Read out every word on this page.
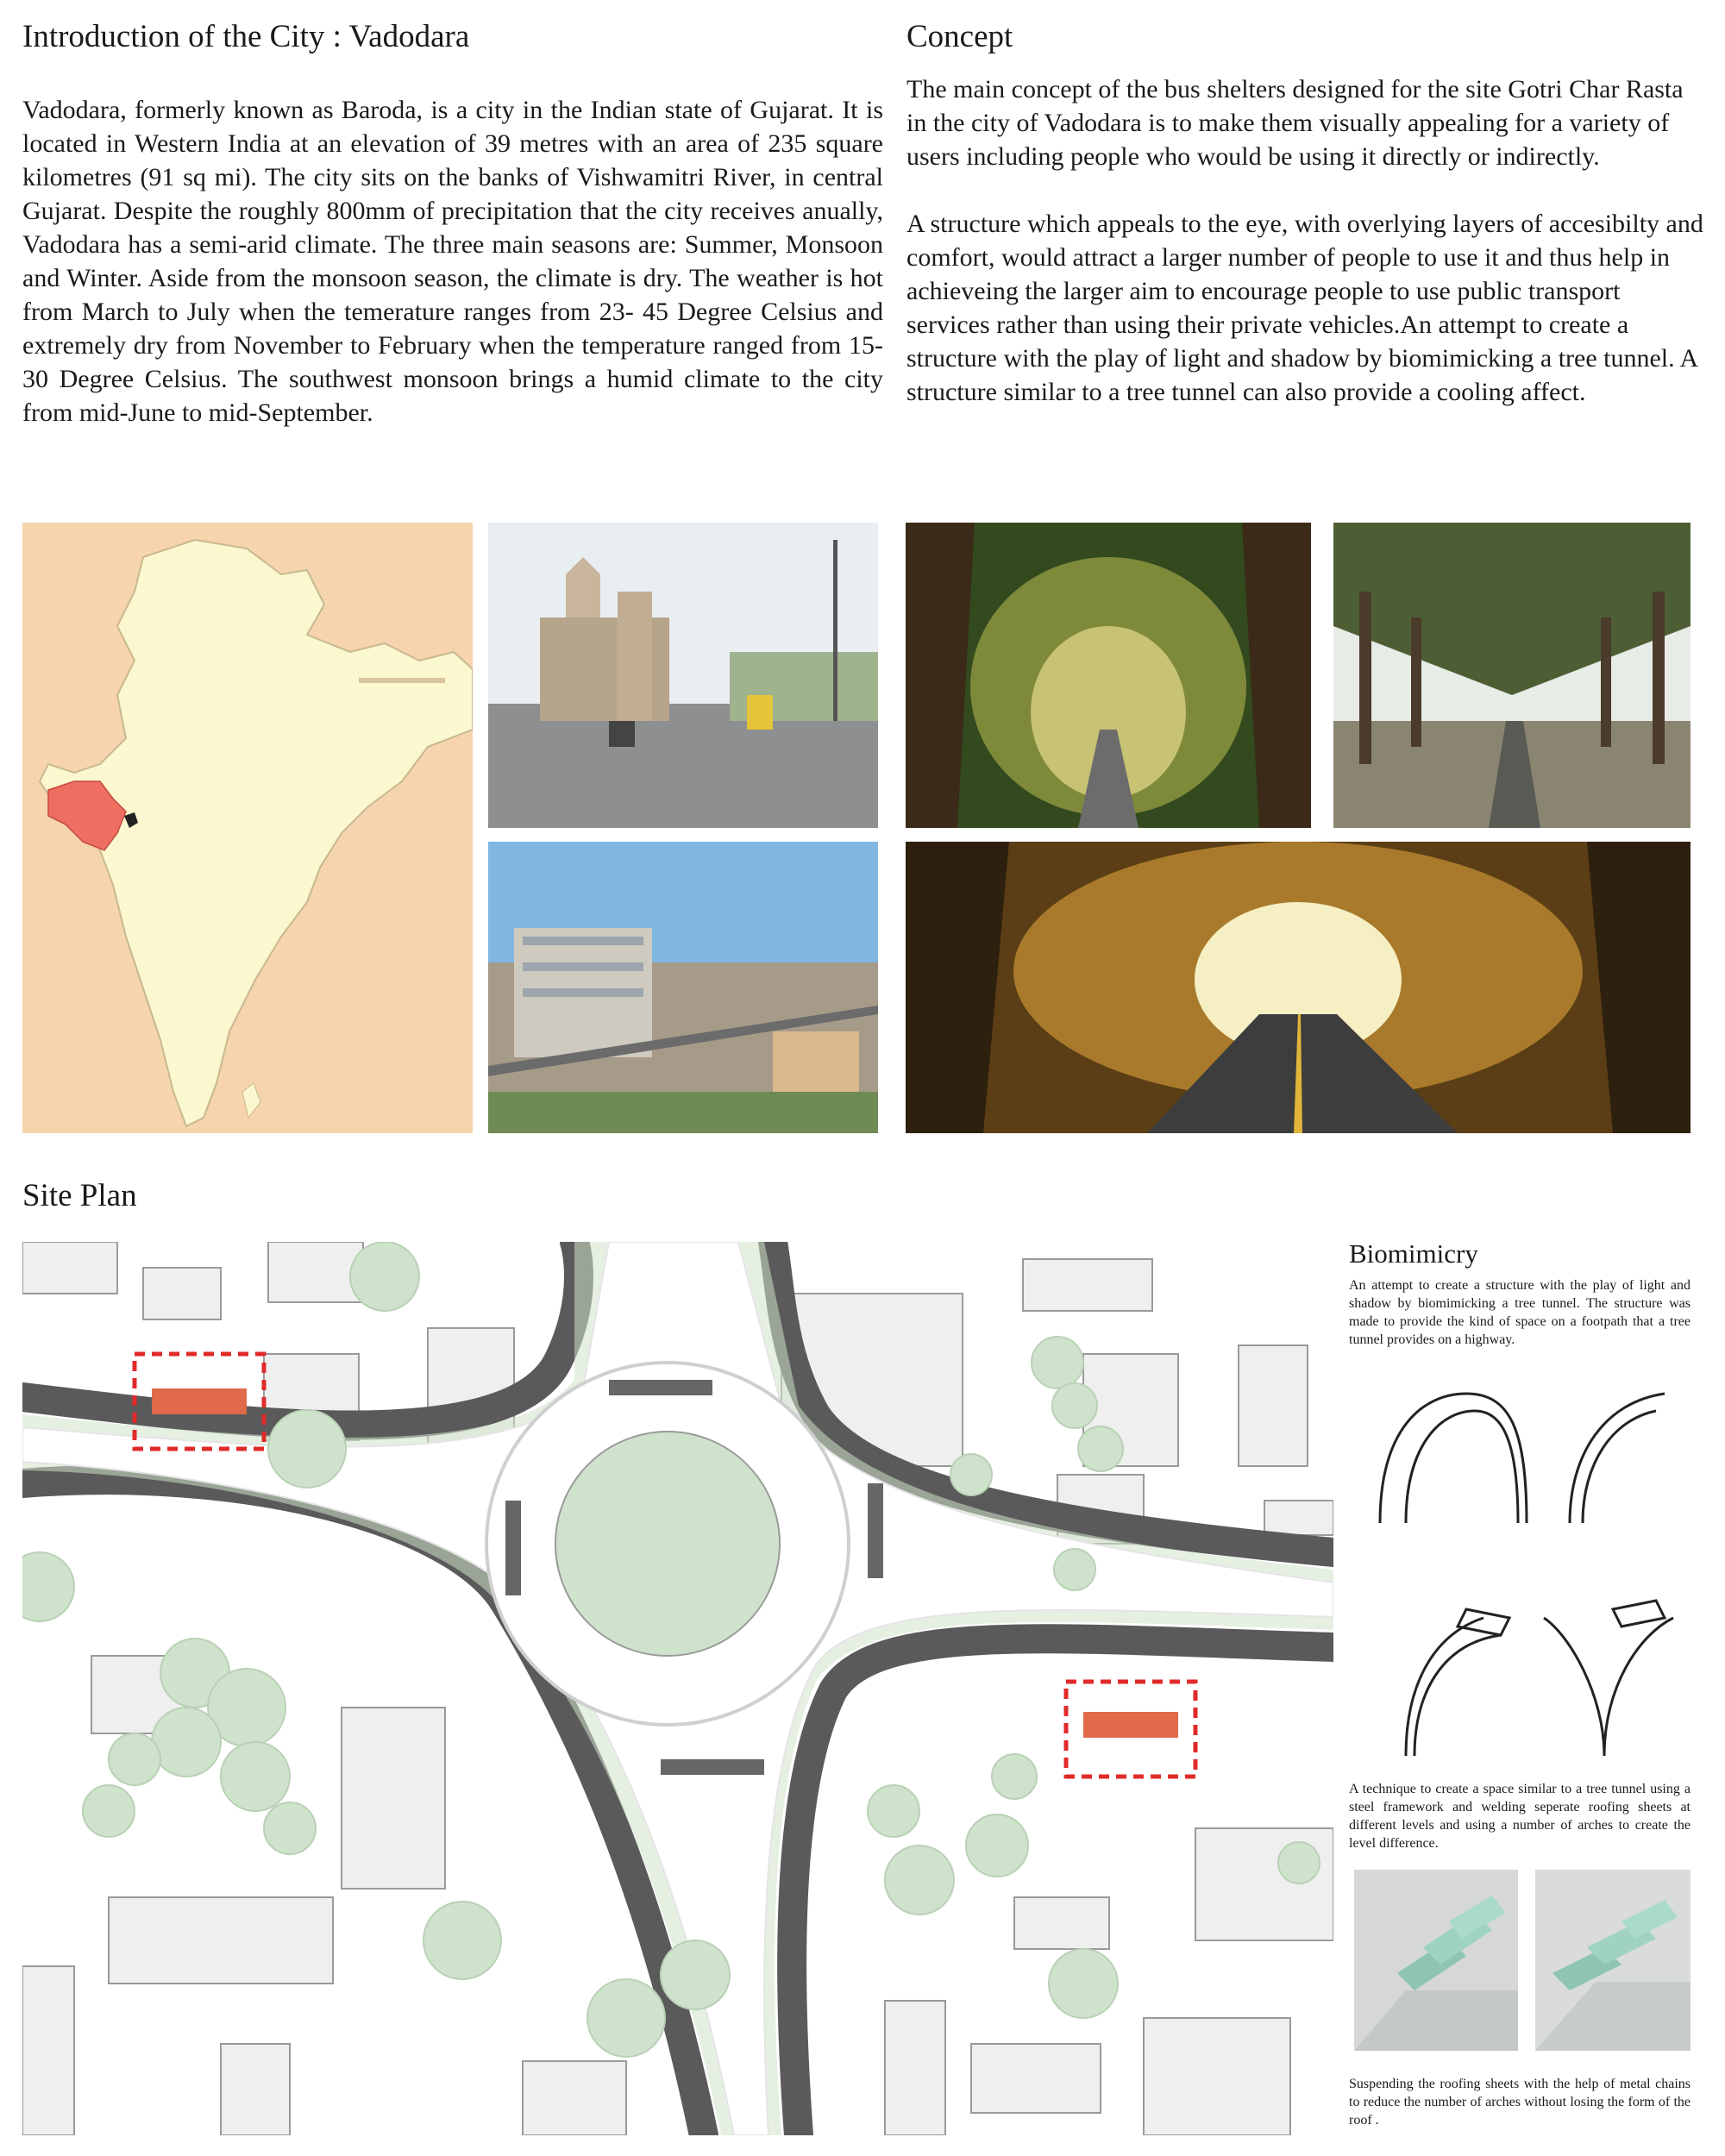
Introduction of the City : Vadodara
Vadodara, formerly known as Baroda, is a city in the Indian state of Gujarat. It is located in Western India at an elevation of 39 metres with an area of 235 square kilometres (91 sq mi). The city sits on the banks of Vishwamitri River, in central Gujarat. Despite the roughly 800mm of precipitation that the city receives anually, Vadodara has a semi-arid climate. The three main seasons are: Summer, Monsoon and Winter. Aside from the monsoon season, the climate is dry. The weather is hot from March to July when the temerature ranges from 23- 45 Degree Celsius and extremely dry from November to February when the temperature ranged from 15-30 Degree Celsius. The southwest monsoon brings a humid climate to the city from mid-June to mid-September.
Concept
The main concept of the bus shelters designed for the site Gotri Char Rasta in the city of Vadodara is to make them visually appealing for a variety of users including people who would be using it directly or indirectly.
A structure which appeals to the eye, with overlying layers of accesibilty and comfort, would attract a larger number of people to use it and thus help in achieveing the larger aim to encourage people to use public transport services rather than using their private vehicles.An attempt to create a structure with the play of light and shadow by biomimicking a tree tunnel. A structure similar to a tree tunnel can also provide a cooling affect.
Site Plan
Biomimicry
An attempt to create a structure with the play of light and shadow by biomimicking a tree tunnel. The structure was made to provide the kind of space on a footpath that a tree tunnel provides on a highway.
A technique to create a space similar to a tree tunnel using a steel framework and welding seperate roofing sheets at different levels and using a number of arches to create the level difference.
Suspending the roofing sheets with the help of metal chains to reduce the number of arches without losing the form of the roof .
